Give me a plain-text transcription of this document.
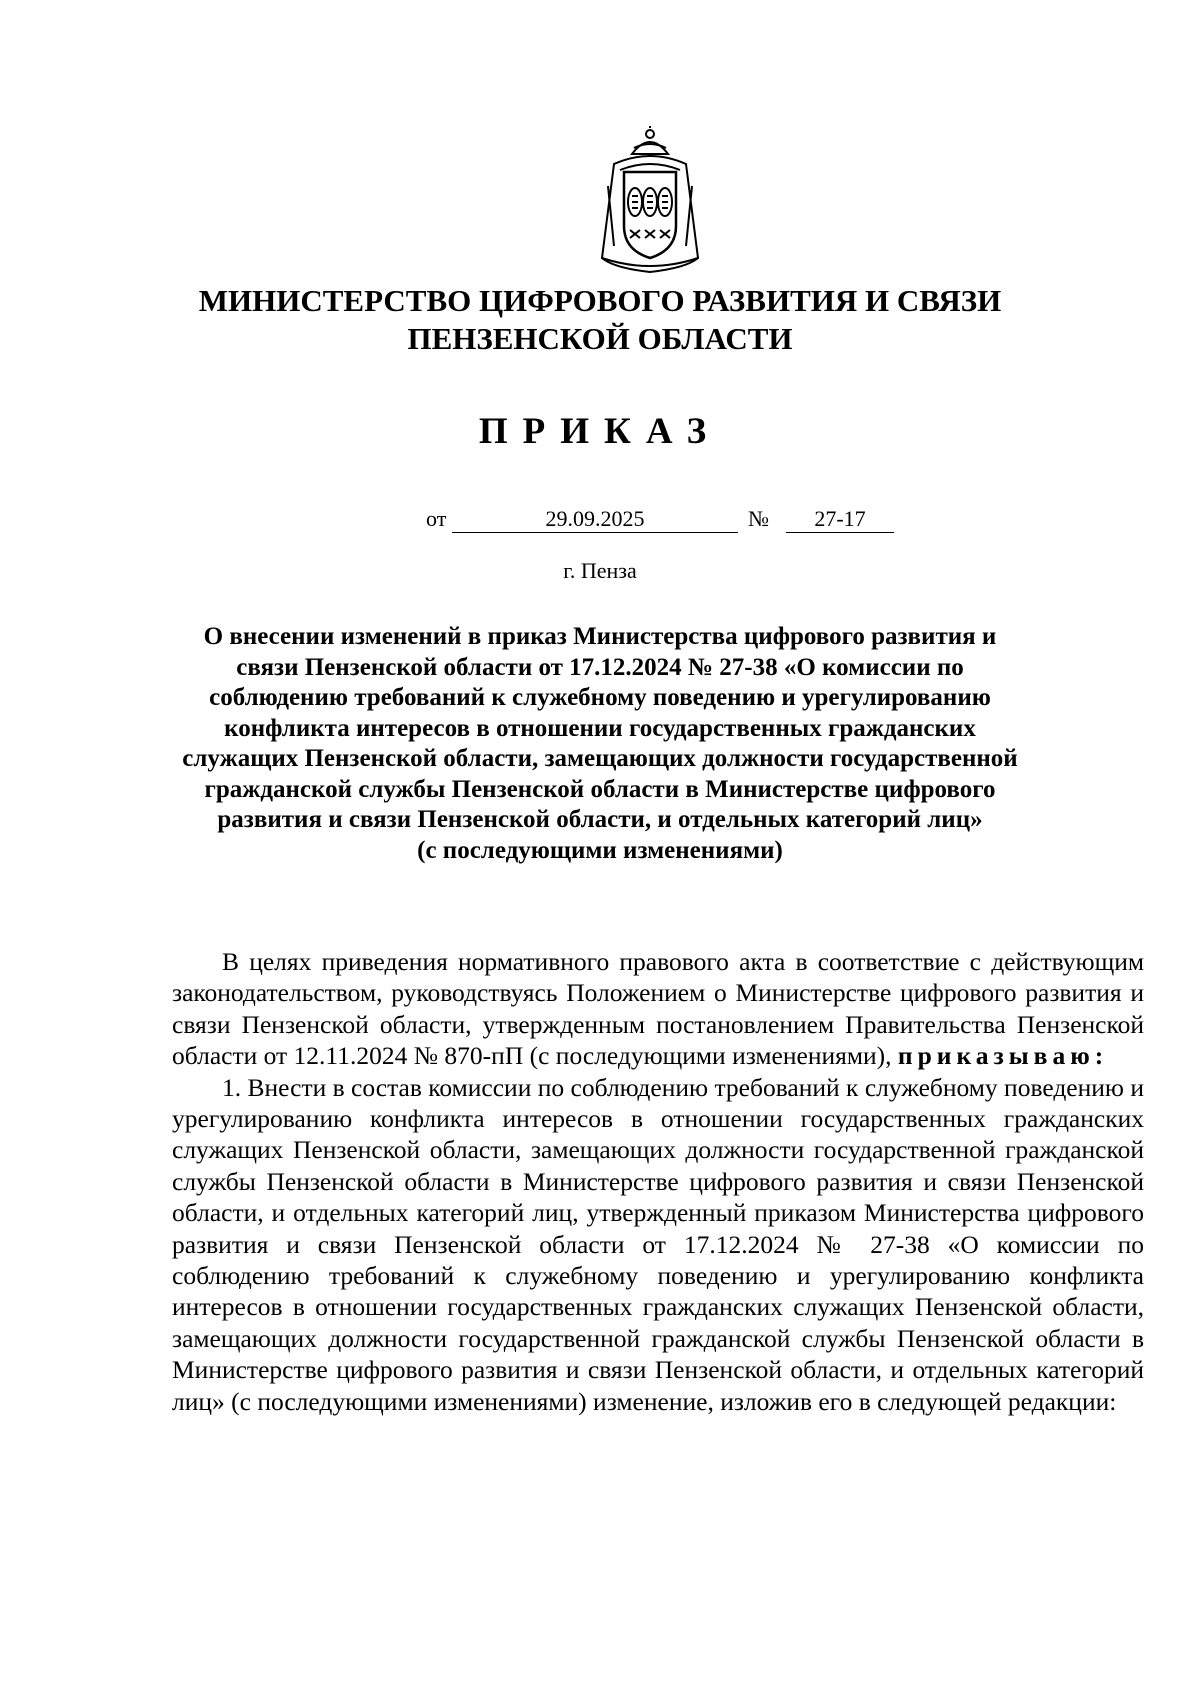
МИНИСТЕРСТВО ЦИФРОВОГО РАЗВИТИЯ И СВЯЗИ
ПЕНЗЕНСКОЙ ОБЛАСТИ
ПРИКАЗ
от	29.09.2025	№	27-17
г. Пенза
О внесении изменений в приказ Министерства цифрового развития и
связи Пензенской области от 17.12.2024 № 27-38 «О комиссии по
соблюдению требований к служебному поведению и урегулированию
конфликта интересов в отношении государственных гражданских
служащих Пензенской области, замещающих должности государственной
гражданской службы Пензенской области в Министерстве цифрового
развития и связи Пензенской области, и отдельных категорий лиц»
(с последующими изменениями)

В целях приведения нормативного правового акта в соответствие с действующим законодательством, руководствуясь Положением о Министерстве цифрового развития и связи Пензенской области, утвержденным постановлением Правительства Пензенской области от 12.11.2024 № 870-пП (с последующими изменениями), приказываю:

1. Внести в состав комиссии по соблюдению требований к служебному поведению и урегулированию конфликта интересов в отношении государственных гражданских служащих Пензенской области, замещающих должности государственной гражданской службы Пензенской области в Министерстве цифрового развития и связи Пензенской области, и отдельных категорий лиц, утвержденный приказом Министерства цифрового развития и связи Пензенской области от 17.12.2024 № 27-38 «О комиссии по соблюдению требований к служебному поведению и урегулированию конфликта интересов в отношении государственных гражданских служащих Пензенской области, замещающих должности государственной гражданской службы Пензенской области в Министерстве цифрового развития и связи Пензенской области, и отдельных категорий лиц» (с последующими изменениями) изменение, изложив его в следующей редакции:
